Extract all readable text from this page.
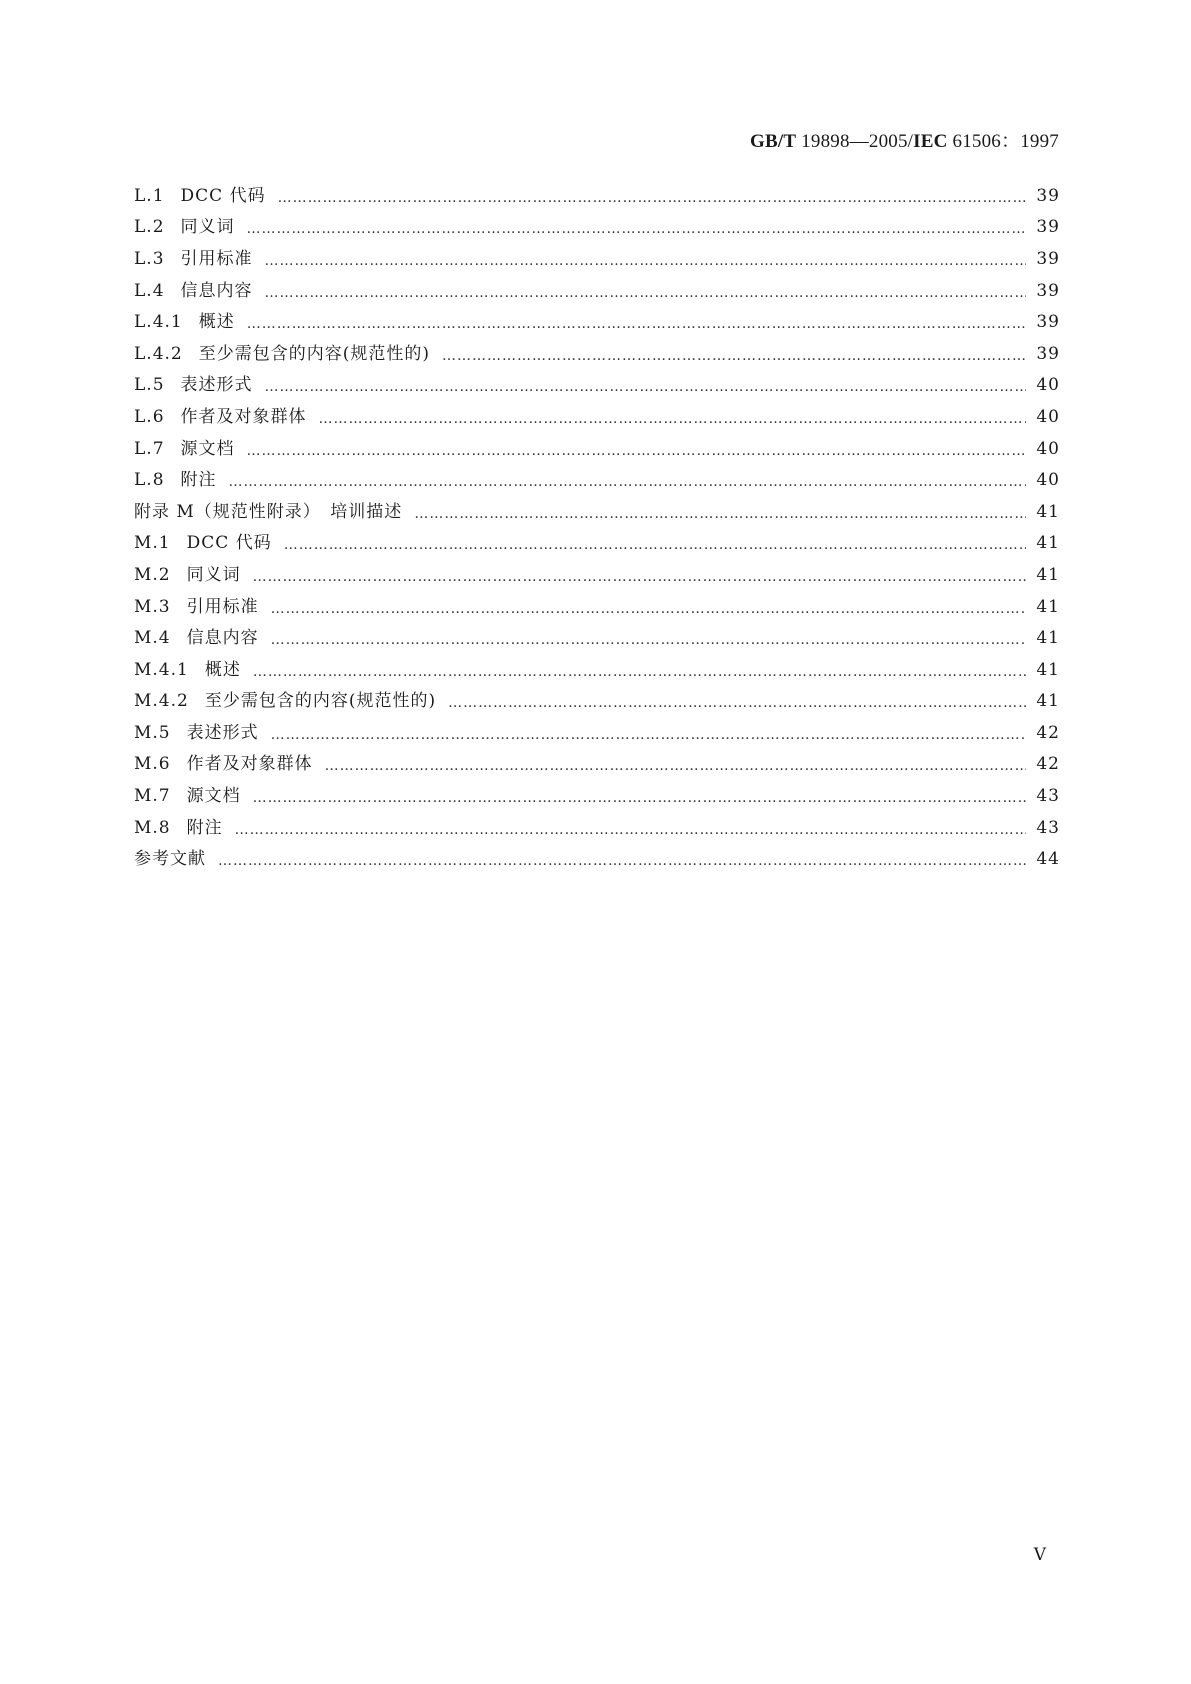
GB/T 19898—2005/IEC 61506：1997
L.1 DCC 代码 ………………………………………………………………………………………………………………………………………………………………………………………………………………………………………………	39
L.2 同义词 ………………………………………………………………………………………………………………………………………………………………………………………………………………………………………………	39
L.3 引用标准 ………………………………………………………………………………………………………………………………………………………………………………………………………………………………………………	39
L.4 信息内容 ………………………………………………………………………………………………………………………………………………………………………………………………………………………………………………	39
L.4.1 概述 ………………………………………………………………………………………………………………………………………………………………………………………………………………………………………………	39
L.4.2 至少需包含的内容(规范性的) ………………………………………………………………………………………………………………………………………………………………………………………………………………………………………………	39
L.5 表述形式 ………………………………………………………………………………………………………………………………………………………………………………………………………………………………………………	40
L.6 作者及对象群体 ………………………………………………………………………………………………………………………………………………………………………………………………………………………………………………	40
L.7 源文档 ………………………………………………………………………………………………………………………………………………………………………………………………………………………………………………	40
L.8 附注 ………………………………………………………………………………………………………………………………………………………………………………………………………………………………………………	40
附录 M（规范性附录）　培训描述 ………………………………………………………………………………………………………………………………………………………………………………………………………………………………………………	41
M.1 DCC 代码 ………………………………………………………………………………………………………………………………………………………………………………………………………………………………………………	41
M.2 同义词 ………………………………………………………………………………………………………………………………………………………………………………………………………………………………………………	41
M.3 引用标准 ………………………………………………………………………………………………………………………………………………………………………………………………………………………………………………	41
M.4 信息内容 ………………………………………………………………………………………………………………………………………………………………………………………………………………………………………………	41
M.4.1 概述 ………………………………………………………………………………………………………………………………………………………………………………………………………………………………………………	41
M.4.2 至少需包含的内容(规范性的) ………………………………………………………………………………………………………………………………………………………………………………………………………………………………………………	41
M.5 表述形式 ………………………………………………………………………………………………………………………………………………………………………………………………………………………………………………	42
M.6 作者及对象群体 ………………………………………………………………………………………………………………………………………………………………………………………………………………………………………………	42
M.7 源文档 ………………………………………………………………………………………………………………………………………………………………………………………………………………………………………………	43
M.8 附注 ………………………………………………………………………………………………………………………………………………………………………………………………………………………………………………	43
参考文献 ………………………………………………………………………………………………………………………………………………………………………………………………………………………………………………	44
V
